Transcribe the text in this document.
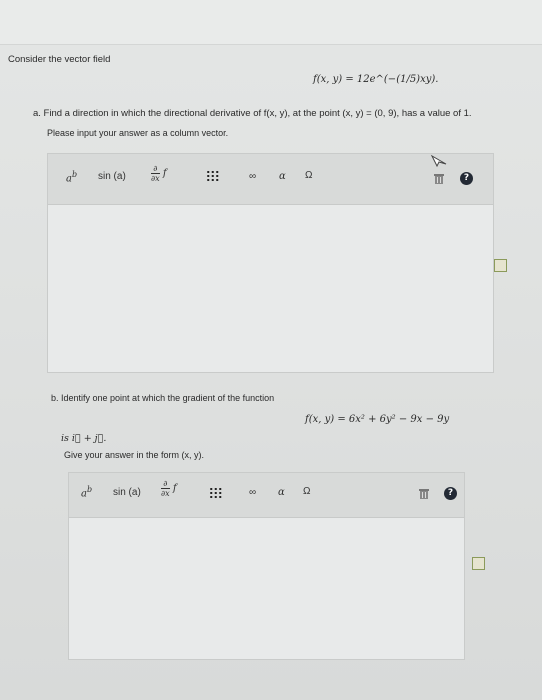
Consider the vector field
f(x, y) = 12e^(−(1/5)xy).
a. Find a direction in which the directional derivative of f(x, y), at the point (x, y) = (0, 9), has a value of 1.
Please input your answer as a column vector.
$a^b$ sin (a)	$\frac{\partial}{\partial x}$ f	∞ α Ω	?
b. Identify one point at which the gradient of the function
f(x, y) = 6x² + 6y² − 9x − 9y
is i⃗ + j⃗.
Give your answer in the form (x, y).
$a^b$ sin (a)	$\frac{\partial}{\partial x}$ f	∞ α Ω	?
